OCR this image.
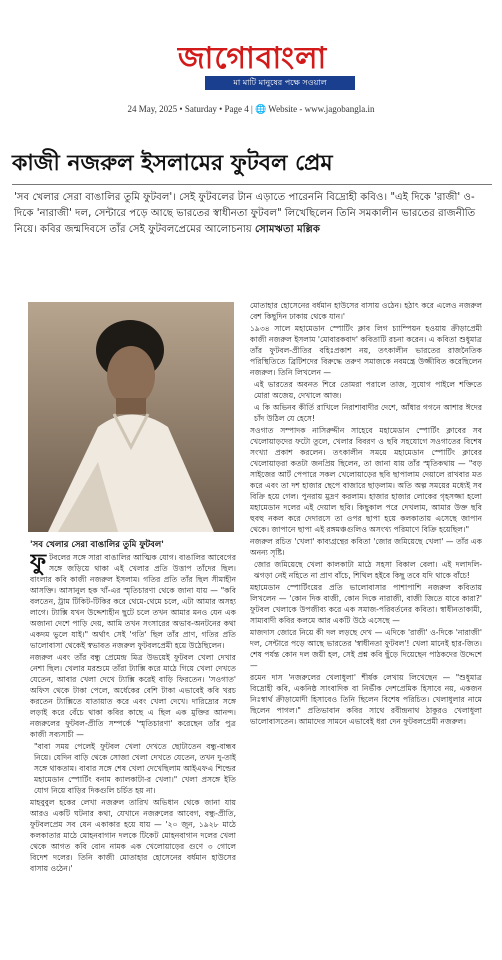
জাগোবাংলা
মা মাটি মানুষের পক্ষে সওয়াল
24 May, 2025 • Saturday • Page 4 | 🌐 Website - www.jagobangla.in
কাজী নজরুল ইসলামের ফুটবল প্রেম
'সব খেলার সেরা বাঙালির তুমি ফুটবল'। সেই ফুটবলের টান এড়াতে পারেননি বিদ্রোহী কবিও। "এই দিকে 'রাজী' ও-দিকে 'নারাজী' দল, সেন্টারে পড়ে আছে ভারতের স্বাধীনতা ফুটবল" লিখেছিলেন তিনি সমকালীন ভারতের রাজনীতি নিয়ে। কবির জন্মদিবসে তাঁর সেই ফুটবলপ্রেমের আলোচনায় সোমঋতা মল্লিক
'সব খেলার সেরা বাঙালির তুমি ফুটবল'

ফুটবলের সঙ্গে সারা বাঙালির আত্মিক যোগ। বাঙালির আবেগের সঙ্গে জড়িয়ে থাকা এই খেলার প্রতি উত্তাপ তাঁদের ছিল। বাংলার কবি কাজী নজরুল ইসলাম। গতির প্রতি তাঁর ছিল সীমাহীন আসক্তি। আসানুল হক খাঁ-এর স্মৃতিচারণা থেকে জানা যায় — "কবি বলতেন, ট্রাম টিকিট-টিকির করে থেমে-থেমে চলে, এটা আমার অসহ্য লাগে। ট্যাক্সি যখন উদ্দেশ্যহীন ছুটে চলে তখন আমার মনও যেন এক অজানা দেশে পাড়ি দেয়, আমি তখন সংসারের অভাব-অনটনের কথা একদম ভুলে যাই।" অর্থাৎ সেই 'গতি' ছিল তাঁর প্রাণ, গতির প্রতি ভালোবাসা থেকেই স্বভাবত নজরুল ফুটবলপ্রেমী হয়ে উঠেছিলেন।

নজরুল এবং তাঁর বন্ধু প্রেমেন্দ্র মিত্র উভয়েই ফুটবল খেলা দেখার নেশা ছিল। খেলার মরশুমে তাঁরা ট্যাক্সি করে মাঠে গিয়ে খেলা দেখতে যেতেন, আবার খেলা দেখে ট্যাক্সি করেই বাড়ি ফিরতেন। 'সওগাত' অফিস থেকে টাকা পেলে, অর্ধেকের বেশি টাকা এভাবেই কবি খরচ করতেন ট্যাক্সিতে যাতায়াত করে এবং খেলা দেখে। দারিদ্র্যের সঙ্গে লড়াই করে বেঁচে থাকা কবির কাছে এ ছিল এক মুক্তির আনন্দ। নজরুলের ফুটবল-প্রীতি সম্পর্কে 'স্মৃতিচারণা' করেছেন তাঁর পুত্র কাজী সব্যসাচী —

"বাবা সময় পেলেই ফুটবল খেলা দেখতে ছোটাতেন বন্ধু-বান্ধব নিয়ে। যেদিন বাড়ি থেকে সোজা খেলা দেখতে যেতেন, তখন দু-তাই সঙ্গে থাকতাম। বাবার সঙ্গে শেষ খেলা দেখেছিলাম আইএফএ শিল্ডের মহামেডান স্পোর্টিং বনাম ক্যালকাটা-র খেলা।" খেলা প্রসঙ্গে ইতি যোগ নিয়ে বাড়ির দিকগুলি চর্চিত হয় না।

মাহবুবুল হকের লেখা নজরুল তারিখ অভিধান থেকে জানা যায় আরও একটি ঘটনার কথা, যেখানে নজরুলের আবেগ, বন্ধু-প্রীতি, ফুটবলপ্রেম সব যেন একাকার হয়ে যায় — '২০ জুন, ১৯২৮ মাঠে কলকাতার মাঠে মোহনবাগান দলকে টিকেট মোহনবাগান দলের খেলা থেকে আগত কবি বোন নামক এক খেলোয়াড়ের গুণে ৩ গোলে বিদেশ দলের। তিনি কাজী মোতাহার হোসেনের বর্ধমান হাউসের বাসায় ওঠেন।'

মোতাহার হোসেনের বর্ধমান হাউসের বাসায় ওঠেন। হঠাৎ করে এলেও নজরুল বেশ কিছুদিন ঢাকায় থেকে যান।'

১৯৩৪ সালে মহামেডান স্পোর্টিং ক্লাব লিগ চ্যাম্পিয়ন হওয়ায় ক্রীড়াপ্রেমী কাজী নজরুল ইসলাম 'মোবারকবাদ' কবিতাটি রচনা করেন। এ কবিতা শুধুমাত্র তাঁর ফুটবল-প্রীতির বহিঃপ্রকাশ নয়, তৎকালীন ভারতের রাজনৈতিক পরিস্থিতিতে ব্রিটিশদের বিরুদ্ধে তরুণ সমাজকে নবমন্ত্রে উজ্জীবিত করেছিলেন নজরুল। তিনি লিখলেন —

এই ভারতের অবনত শিরে তোমরা পরালে তাজ, সুযোগ পাইলে শক্তিতে মোরা অজেয়, দেখালে আজ।

এ কি অভিনব কীর্তি রাখিলে নিরাশাবাদীর দেশে, আঁধার গগনে আশার ঈদের চাঁদ উঠিল যে হেসে!

সওগাত সম্পাদক নাসিরুদ্দীন সাহেবে মহামেডান স্পোর্টিং ক্লাবের সব খেলোয়াড়দের ফটো তুলে, খেলার বিবরণ ও ছবি সহযোগে সওগাতের বিশেষ সংখ্যা প্রকাশ করলেন। তৎকালীন সময়ে মহামেডান স্পোর্টিং ক্লাবের খেলোয়াড়রা কতটা জনপ্রিয় ছিলেন, তা জানা যায় তাঁর স্মৃতিকথায় — "বড় সাইজের আর্ট পেপারে সকল খেলোয়াড়ের ছবি ছাপালাম দেয়ালে রাখবার মত করে এবং তা দশ হাজার ছেপে বাজারে ছাড়লাম। অতি অল্প সময়ের মধ্যেই সব বিক্রি হয়ে গেল। পুনরায় মুদ্রণ করলাম। হাজার হাজার লোকের গৃহসজ্জা হলো মহামেডান দলের এই দেয়াল ছবি। কিছুকাল পরে দেখলাম, আমার উক্ত ছবি হুবহু নকল করে দেদারসে তা ওপর ছাপা হয়ে কলকাতায় এসেছে জাপান থেকে। জাপানে ছাপা এই রঙ্গমঞ্চগুলিও অসংখ্য পরিমাণে বিক্রি হয়েছিল।"

নজরুল রচিত 'খেলা' কাব্যগ্রন্থের কবিতা 'জোর জমিয়েছে খেলা' — তাঁর এক অনন্য সৃষ্টি।

জোর জমিয়েছে খেলা কালকাটা মাঠে সহসা বিকাল বেলা। এই দলাদলি-ঝগড়া নেই নহিতে না প্রাণ বাঁচে, শিথিল হইবে কিছু তবে যদি থাকে বাঁচে!

মহামেডান স্পোর্টিংয়ের প্রতি ভালোবাসার পাশাপাশি নজরুল কবিতায় লিখলেন — 'কোন দিক বাজী, কোন দিকে নারাজী, বাজী জিতে যাবে কারা?' ফুটবল খেলাকে উপজীব্য করে এক সমাজ-পরিবর্তনের কবিতা। স্বাধীনতাকামী, সাম্যবাদী কবির কলমে আর একটি উঠে এসেছে —

মাজদাস জোরে নিয়ে কী দল লড়ছে দেখ — এদিকে 'রাজী' ও-দিকে 'নারাজী' দল, সেন্টারে পড়ে আছে ভারতের 'স্বাধীনতা ফুটবল'! খেলা মানেই হার-জিত। শেষ পর্যন্ত কোন দল জয়ী হল, সেই প্রশ্ন কবি ছুঁড়ে দিয়েছেন পাঠকদের উদ্দেশে —

রমেন দাস 'নজরুলের খেলাধুলা' শীর্ষক লেখায় লিখেছেন — "শুধুমাত্র বিদ্রোহী কবি, একনিষ্ঠ সাংবাদিক বা নির্ভীক দেশপ্রেমিক হিসাবে নয়, একজন নিঃস্বার্থ ক্রীড়ামোদী হিসাবেও তিনি ছিলেন বিশেষ পরিচিত। খেলাধুলার নামে ছিলেন পাগল।" প্রতিভাবান কবির সাথে রবীন্দ্রনাথ ঠাকুরও খেলাধুলা ভালোবাসতেন। আমাদের সামনে এভাবেই ধরা দেন ফুটবলপ্রেমী নজরুল।
